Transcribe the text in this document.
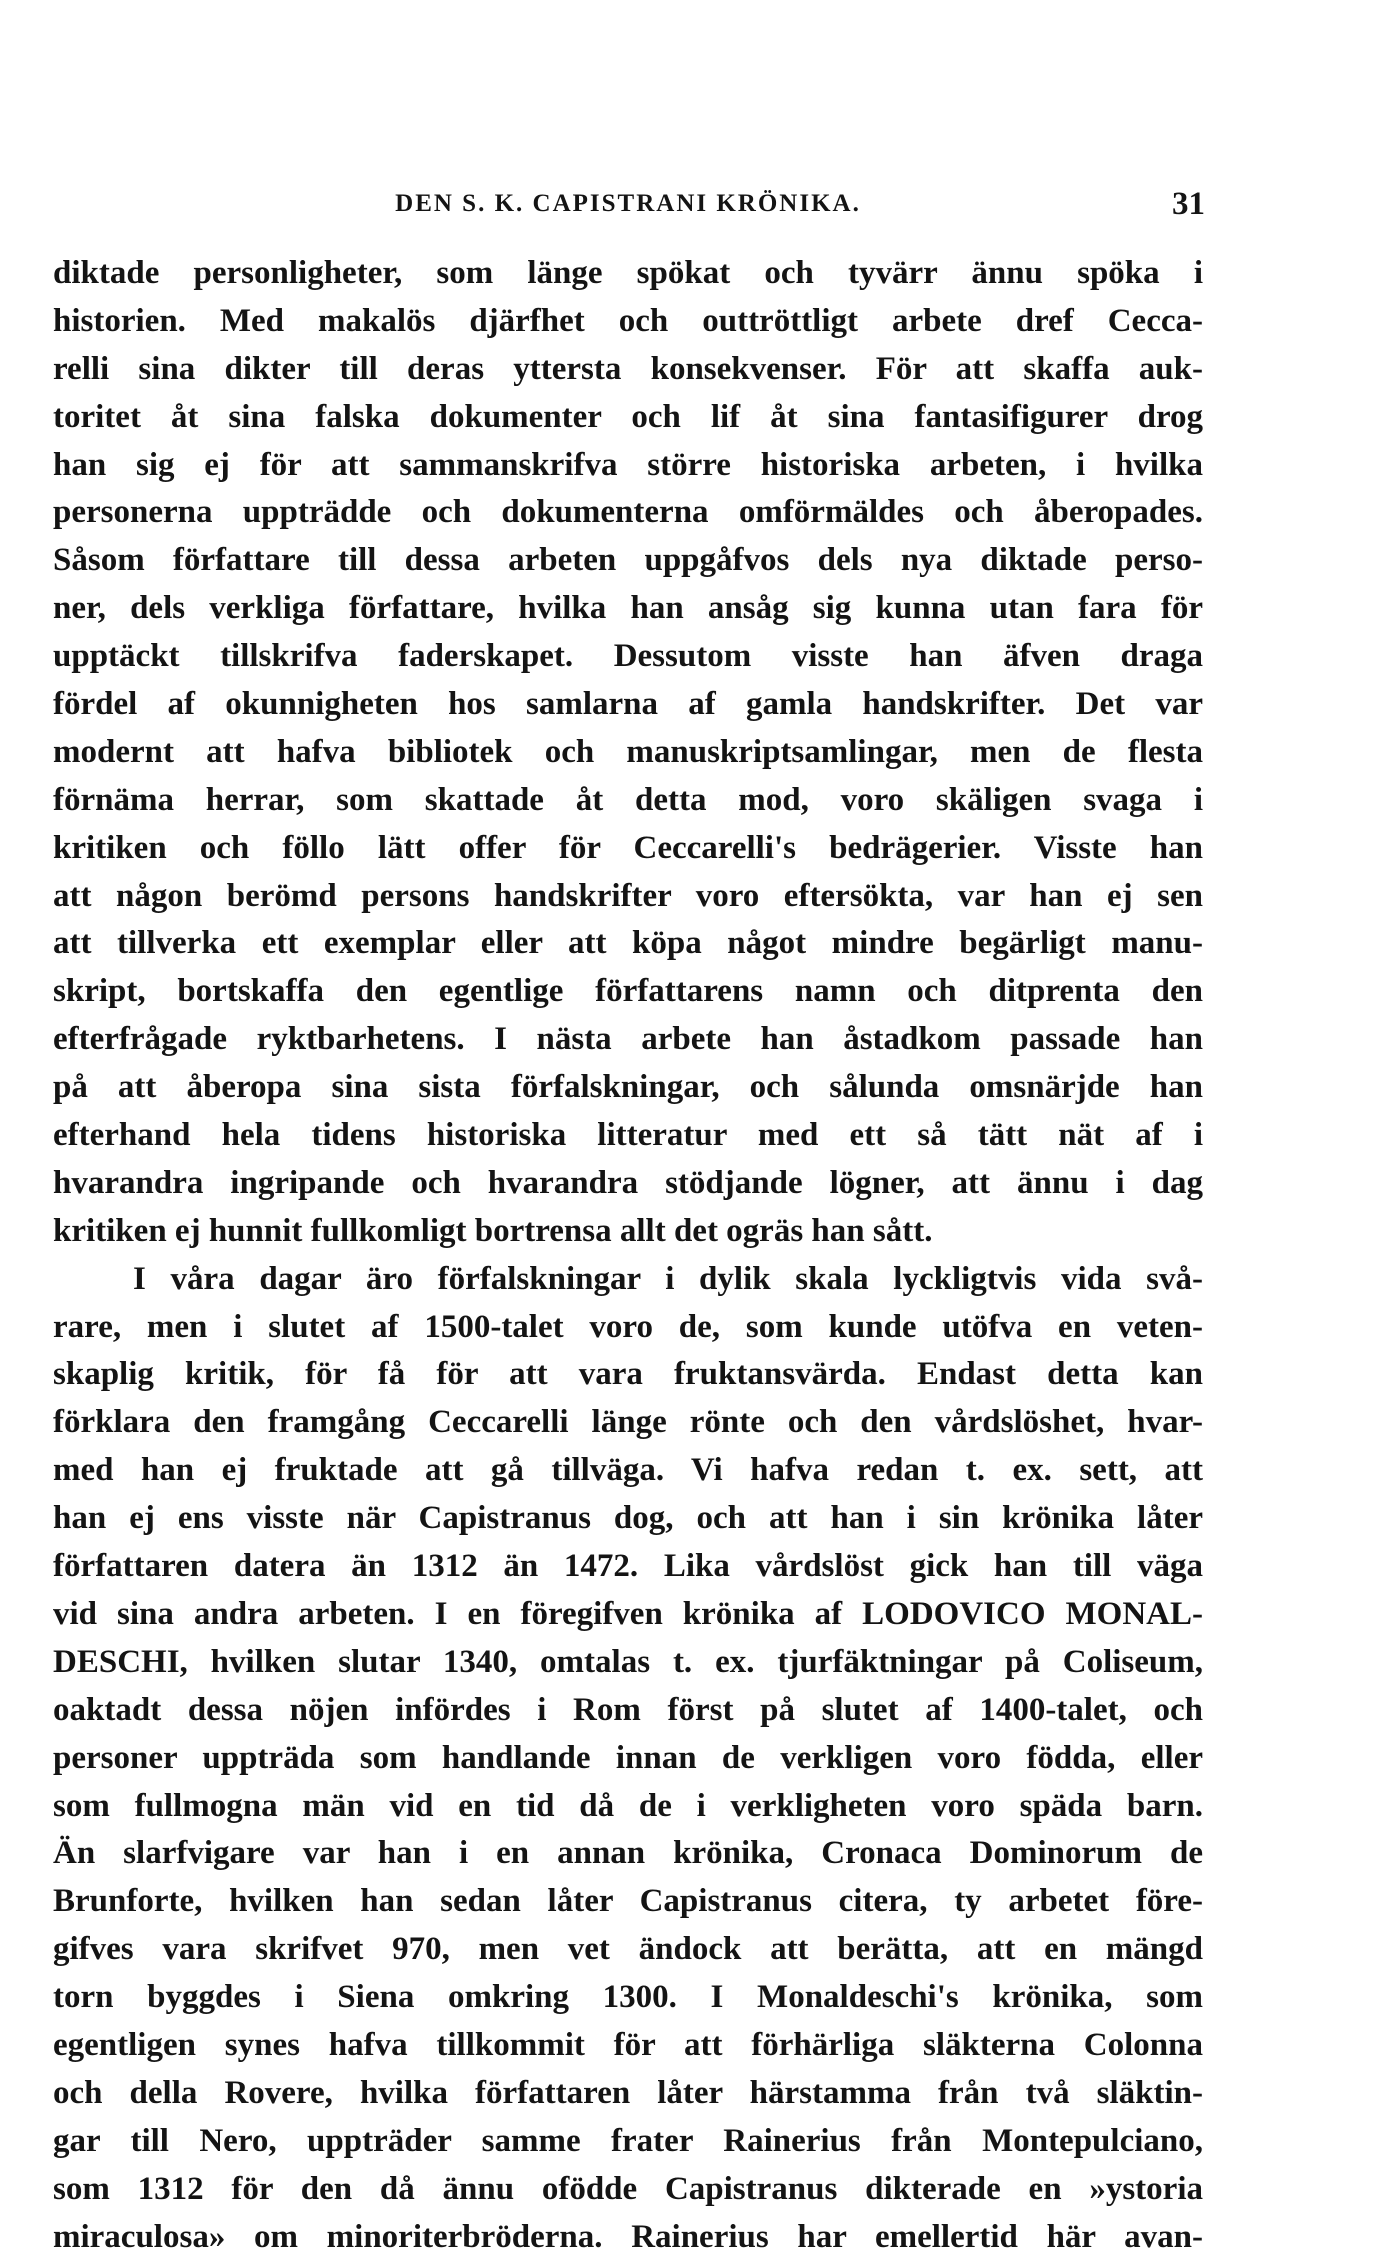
DEN S. K. CAPISTRANI KRÖNIKA.	31
diktade personligheter, som länge spökat och tyvärr ännu spöka i
historien. Med makalös djärfhet och outtröttligt arbete dref Cecca-
relli sina dikter till deras yttersta konsekvenser. För att skaffa auk-
toritet åt sina falska dokumenter och lif åt sina fantasifigurer drog
han sig ej för att sammanskrifva större historiska arbeten, i hvilka
personerna uppträdde och dokumenterna omförmäldes och åberopades.
Såsom författare till dessa arbeten uppgåfvos dels nya diktade perso-
ner, dels verkliga författare, hvilka han ansåg sig kunna utan fara för
upptäckt tillskrifva faderskapet. Dessutom visste han äfven draga
fördel af okunnigheten hos samlarna af gamla handskrifter. Det var
modernt att hafva bibliotek och manuskriptsamlingar, men de flesta
förnäma herrar, som skattade åt detta mod, voro skäligen svaga i
kritiken och föllo lätt offer för Ceccarelli's bedrägerier. Visste han
att någon berömd persons handskrifter voro eftersökta, var han ej sen
att tillverka ett exemplar eller att köpa något mindre begärligt manu-
skript, bortskaffa den egentlige författarens namn och ditprenta den
efterfrågade ryktbarhetens. I nästa arbete han åstadkom passade han
på att åberopa sina sista förfalskningar, och sålunda omsnärjde han
efterhand hela tidens historiska litteratur med ett så tätt nät af i
hvarandra ingripande och hvarandra stödjande lögner, att ännu i dag
kritiken ej hunnit fullkomligt bortrensa allt det ogräs han sått.
I våra dagar äro förfalskningar i dylik skala lyckligtvis vida svå-
rare, men i slutet af 1500-talet voro de, som kunde utöfva en veten-
skaplig kritik, för få för att vara fruktansvärda. Endast detta kan
förklara den framgång Ceccarelli länge rönte och den vårdslöshet, hvar-
med han ej fruktade att gå tillväga. Vi hafva redan t. ex. sett, att
han ej ens visste när Capistranus dog, och att han i sin krönika låter
författaren datera än 1312 än 1472. Lika vårdslöst gick han till väga
vid sina andra arbeten. I en föregifven krönika af LODOVICO MONAL-
DESCHI, hvilken slutar 1340, omtalas t. ex. tjurfäktningar på Coliseum,
oaktadt dessa nöjen infördes i Rom först på slutet af 1400-talet, och
personer uppträda som handlande innan de verkligen voro födda, eller
som fullmogna män vid en tid då de i verkligheten voro späda barn.
Än slarfvigare var han i en annan krönika, Cronaca Dominorum de
Brunforte, hvilken han sedan låter Capistranus citera, ty arbetet före-
gifves vara skrifvet 970, men vet ändock att berätta, att en mängd
torn byggdes i Siena omkring 1300. I Monaldeschi's krönika, som
egentligen synes hafva tillkommit för att förhärliga släkterna Colonna
och della Rovere, hvilka författaren låter härstamma från två släktin-
gar till Nero, uppträder samme frater Rainerius från Montepulciano,
som 1312 för den då ännu ofödde Capistranus dikterade en »ystoria
miraculosa» om minoriterbröderna. Rainerius har emellertid här avan-
